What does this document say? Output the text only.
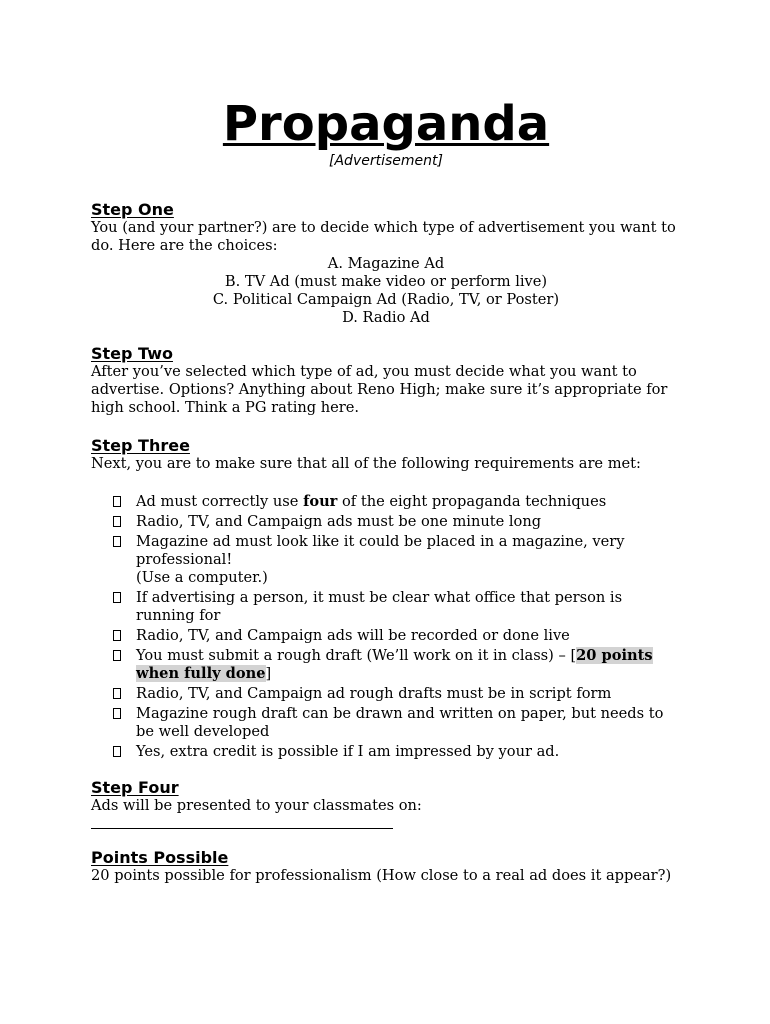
Propaganda

[Advertisement]

Step One

You (and your partner?) are to decide which type of advertisement you want to do. Here are the choices:

A. Magazine Ad

B. TV Ad (must make video or perform live)

C. Political Campaign Ad (Radio, TV, or Poster)

D. Radio Ad

Step Two

After you’ve selected which type of ad, you must decide what you want to advertise. Options? Anything about Reno High; make sure it’s appropriate for high school. Think a PG rating here.

Step Three

Next, you are to make sure that all of the following requirements are met:

Ad must correctly use four of the eight propaganda techniques
Radio, TV, and Campaign ads must be one minute long
Magazine ad must look like it could be placed in a magazine, very professional!
(Use a computer.)
If advertising a person, it must be clear what office that person is running for
Radio, TV, and Campaign ads will be recorded or done live
You must submit a rough draft (We’ll work on it in class) – [20 points when fully done]
Radio, TV, and Campaign ad rough drafts must be in script form
Magazine rough draft can be drawn and written on paper, but needs to be well developed
Yes, extra credit is possible if I am impressed by your ad.
Step Four

Ads will be presented to your classmates on:

Points Possible

20 points possible for professionalism (How close to a real ad does it appear?)
